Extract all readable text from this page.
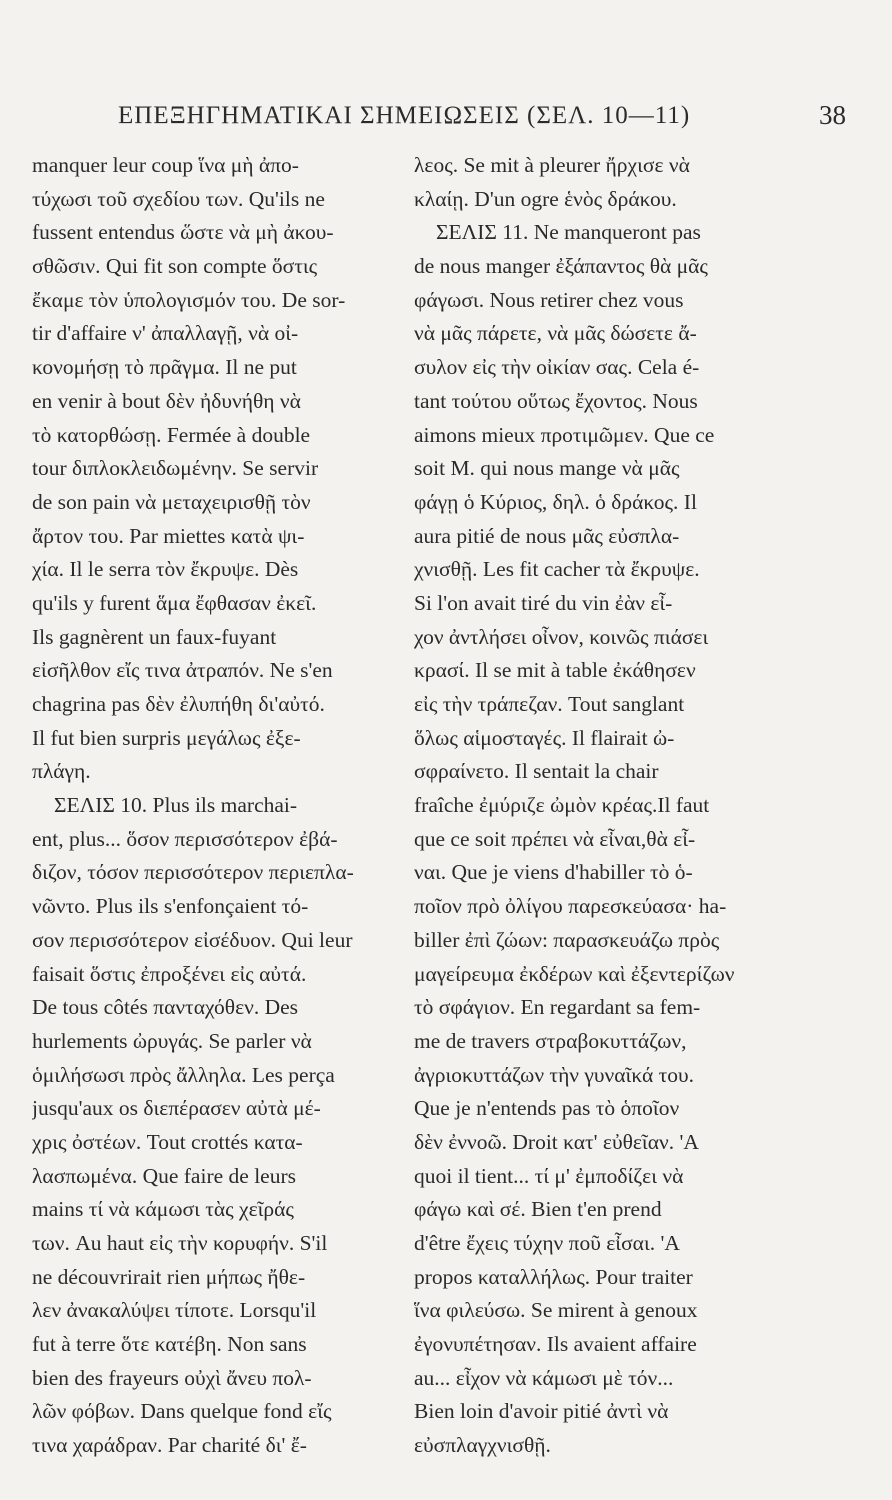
ΕΠΕΞΗΓΗΜΑΤΙΚΑΙ ΣΗΜΕΙΩΣΕΙΣ (ΣΕΛ. 10—11)	38
manquer leur coup ἵνα μὴ ἀπο-
τύχωσι τοῦ σχεδίου των. Qu'ils ne
fussent entendus ὥστε νὰ μὴ ἀκου-
σθῶσιν. Qui fit son compte ὅστις
ἔκαμε τὸν ὑπολογισμόν του. De sor-
tir d'affaire ν' ἀπαλλαγῇ, νὰ οἰ-
κονομήσῃ τὸ πρᾶγμα. Il ne put
en venir à bout δὲν ἠδυνήθη νὰ
τὸ κατορθώσῃ. Fermée à double
tour διπλοκλειδωμένην. Se servir
de son pain νὰ μεταχειρισθῇ τὸν
ἄρτον του. Par miettes κατὰ ψι-
χία. Il le serra τὸν ἔκρυψε. Dès
qu'ils y furent ἅμα ἔφθασαν ἐκεῖ.
Ils gagnèrent un faux-fuyant
εἰσῆλθον εἴς τινα ἀτραπόν. Ne s'en
chagrina pas δὲν ἐλυπήθη δι'αὐτό.
Il fut bien surpris μεγάλως ἐξε-
πλάγη.
ΣΕΛΙΣ 10. Plus ils marchai-
ent, plus... ὅσον περισσότερον ἐβά-
διζον, τόσον περισσότερον περιεπλα-
νῶντο. Plus ils s'enfonçaient τό-
σον περισσότερον εἰσέδυον. Qui leur
faisait ὅστις ἐπροξένει εἰς αὐτά.
De tous côtés πανταχόθεν. Des
hurlements ὠρυγάς. Se parler νὰ
ὁμιλήσωσι πρὸς ἄλληλα. Les perça
jusqu'aux os διεπέρασεν αὐτὰ μέ-
χρις ὀστέων. Tout crottés κατα-
λασπωμένα. Que faire de leurs
mains τί νὰ κάμωσι τὰς χεῖράς
των. Au haut εἰς τὴν κορυφήν. S'il
ne découvrirait rien μήπως ἤθε-
λεν ἀνακαλύψει τίποτε. Lorsqu'il
fut à terre ὅτε κατέβη. Non sans
bien des frayeurs οὐχὶ ἄνευ πολ-
λῶν φόβων. Dans quelque fond εἴς
τινα χαράδραν. Par charité δι' ἔ-
λεος. Se mit à pleurer ἤρχισε νὰ
κλαίῃ. D'un ogre ἑνὸς δράκου.
ΣΕΛΙΣ 11. Ne manqueront pas
de nous manger ἐξάπαντος θὰ μᾶς
φάγωσι. Nous retirer chez vous
νὰ μᾶς πάρετε, νὰ μᾶς δώσετε ἄ-
συλον εἰς τὴν οἰκίαν σας. Cela é-
tant τούτου οὕτως ἔχοντος. Nous
aimons mieux προτιμῶμεν. Que ce
soit M. qui nous mange νὰ μᾶς
φάγῃ ὁ Κύριος, δηλ. ὁ δράκος. Il
aura pitié de nous μᾶς εὐσπλα-
χνισθῇ. Les fit cacher τὰ ἔκρυψε.
Si l'on avait tiré du vin ἐὰν εἶ-
χον ἀντλήσει οἶνον, κοινῶς πιάσει
κρασί. Il se mit à table ἐκάθησεν
εἰς τὴν τράπεζαν. Tout sanglant
ὅλως αἱμοσταγές. Il flairait ὠ-
σφραίνετο. Il sentait la chair
fraîche ἐμύριζε ὠμὸν κρέας.Il faut
que ce soit πρέπει νὰ εἶναι,θὰ εἶ-
ναι. Que je viens d'habiller τὸ ὁ-
ποῖον πρὸ ὀλίγου παρεσκεύασα· ha-
biller ἐπὶ ζώων: παρασκευάζω πρὸς
μαγείρευμα ἐκδέρων καὶ ἐξεντερίζων
τὸ σφάγιον. En regardant sa fem-
me de travers στραβοκυττάζων,
ἀγριοκυττάζων τὴν γυναῖκά του.
Que je n'entends pas τὸ ὁποῖον
δὲν ἐννοῶ. Droit κατ' εὐθεῖαν. 'A
quoi il tient... τί μ' ἐμποδίζει νὰ
φάγω καὶ σέ. Bien t'en prend
d'être ἔχεις τύχην ποῦ εἶσαι. 'A
propos καταλλήλως. Pour traiter
ἵνα φιλεύσω. Se mirent à genoux
ἐγονυπέτησαν. Ils avaient affaire
au... εἶχον νὰ κάμωσι μὲ τόν...
Bien loin d'avoir pitié ἀντὶ νὰ
εὐσπλαγχνισθῇ.
